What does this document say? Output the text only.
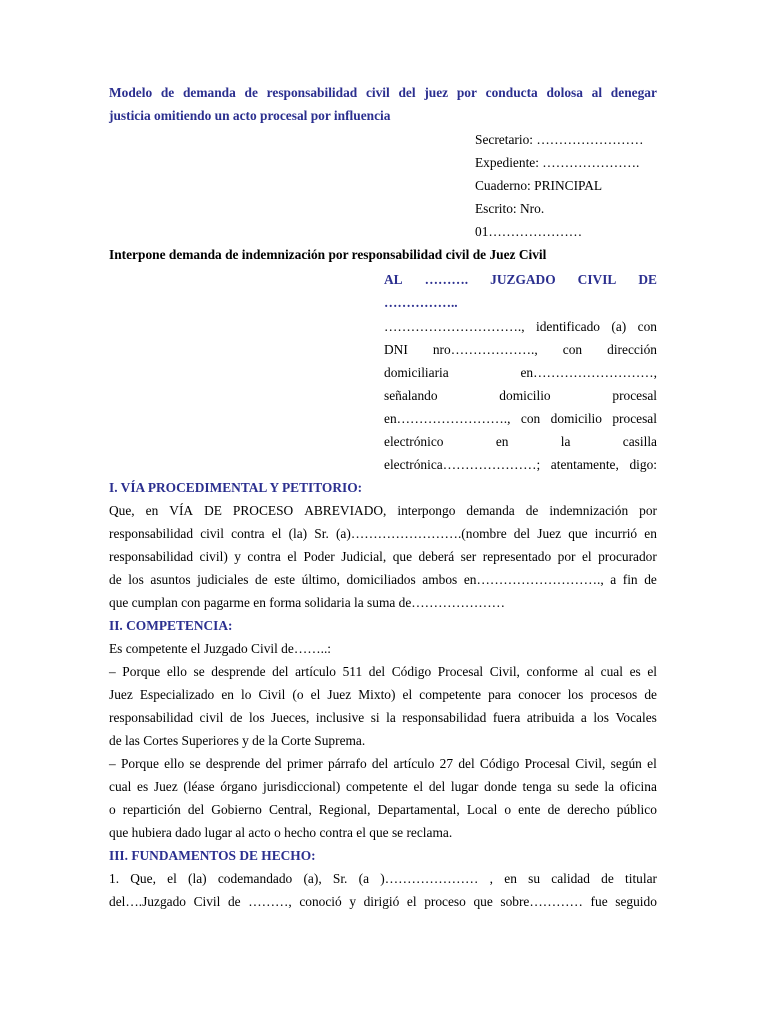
Modelo de demanda de responsabilidad civil del juez por conducta dolosa al denegar
justicia omitiendo un acto procesal por influencia
Secretario: ……………………
Expediente: ………………….
Cuaderno: PRINCIPAL
Escrito: Nro.
01…………………
Interpone demanda de indemnización por responsabilidad civil de Juez Civil
AL ………. JUZGADO CIVIL DE
……………..
…………………………., identificado (a) con
DNI nro………………., con dirección
domiciliaria	en………………………,
señalando	domicilio	procesal
en……………………., con domicilio procesal
electrónico	en	la	casilla
electrónica…………………; atentamente, digo:
I. VÍA PROCEDIMENTAL Y PETITORIO:
Que, en VÍA DE PROCESO ABREVIADO, interpongo demanda de indemnización por
responsabilidad civil contra el (la) Sr. (a)…………………….(nombre del Juez que incurrió en
responsabilidad civil) y contra el Poder Judicial, que deberá ser representado por el procurador
de los asuntos judiciales de este último, domiciliados ambos en………………………., a fin de
que cumplan con pagarme en forma solidaria la suma de…………………
II. COMPETENCIA:
Es competente el Juzgado Civil de……..:
– Porque ello se desprende del artículo 511 del Código Procesal Civil, conforme al cual es el
Juez Especializado en lo Civil (o el Juez Mixto) el competente para conocer los procesos de
responsabilidad civil de los Jueces, inclusive si la responsabilidad fuera atribuida a los Vocales
de las Cortes Superiores y de la Corte Suprema.
– Porque ello se desprende del primer párrafo del artículo 27 del Código Procesal Civil, según el
cual es Juez (léase órgano jurisdiccional) competente el del lugar donde tenga su sede la oficina
o repartición del Gobierno Central, Regional, Departamental, Local o ente de derecho público
que hubiera dado lugar al acto o hecho contra el que se reclama.
III. FUNDAMENTOS DE HECHO:
1. Que, el (la) codemandado (a), Sr. (a )………………… , en su calidad de titular
del….Juzgado Civil de ………, conoció y dirigió el proceso que sobre………… fue seguido
